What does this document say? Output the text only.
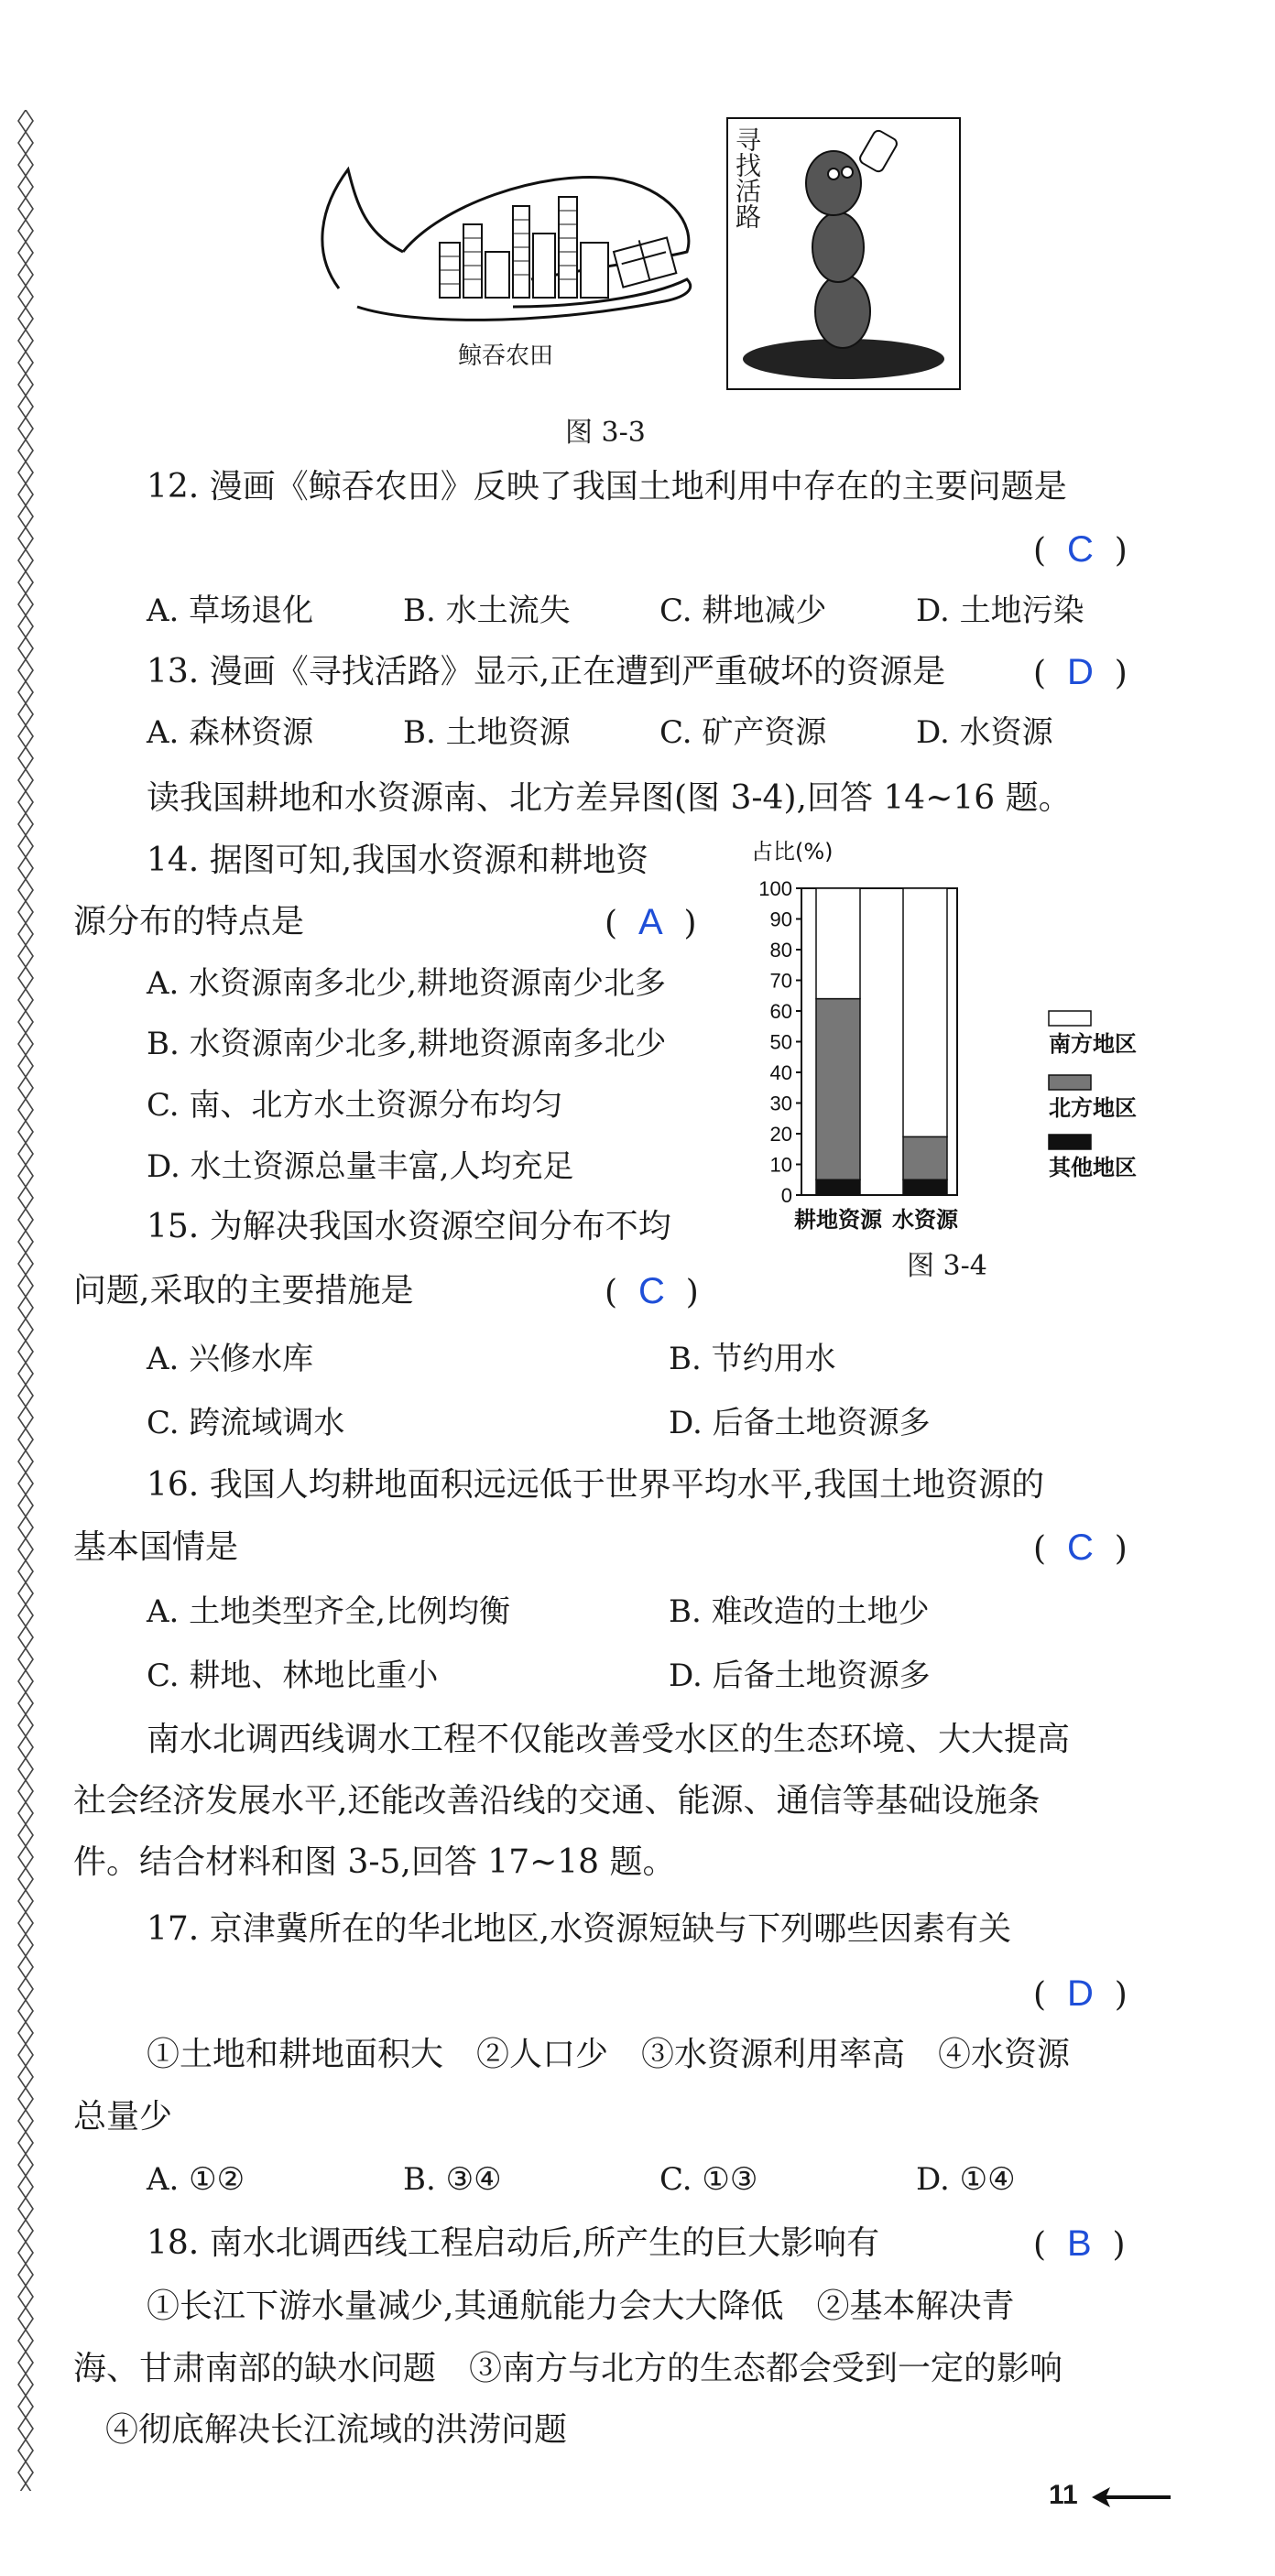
鲸吞农田
寻找活路
图 3-3
12. 漫画《鲸吞农田》反映了我国土地利用中存在的主要问题是
(  C  )
A. 草场退化	B. 水土流失	C. 耕地减少	D. 土地污染
13. 漫画《寻找活路》显示,正在遭到严重破坏的资源是	(  D  )
A. 森林资源	B. 土地资源	C. 矿产资源	D. 水资源
读我国耕地和水资源南、北方差异图(图 3-4),回答 14~16 题。
14. 据图可知,我国水资源和耕地资
源分布的特点是	(  A  )
A. 水资源南多北少,耕地资源南少北多
B. 水资源南少北多,耕地资源南多北少
C. 南、北方水土资源分布均匀
D. 水土资源总量丰富,人均充足
占比(%)
0
10
20
30
40
50
60
70
80
90
100
耕地资源 水资源
南方地区
北方地区
其他地区
图 3-4
15. 为解决我国水资源空间分布不均
问题,采取的主要措施是	(  C  )
A. 兴修水库	B. 节约用水
C. 跨流域调水	D. 后备土地资源多
16. 我国人均耕地面积远远低于世界平均水平,我国土地资源的
基本国情是	(  C  )
A. 土地类型齐全,比例均衡	B. 难改造的土地少
C. 耕地、林地比重小	D. 后备土地资源多
南水北调西线调水工程不仅能改善受水区的生态环境、大大提高
社会经济发展水平,还能改善沿线的交通、能源、通信等基础设施条
件。结合材料和图 3-5,回答 17~18 题。
17. 京津冀所在的华北地区,水资源短缺与下列哪些因素有关
(  D  )
①土地和耕地面积大　②人口少　③水资源利用率高　④水资源
总量少
A. ①②	B. ③④	C. ①③	D. ①④
18. 南水北调西线工程启动后,所产生的巨大影响有	(  B  )
①长江下游水量减少,其通航能力会大大降低　②基本解决青
海、甘肃南部的缺水问题　③南方与北方的生态都会受到一定的影响
④彻底解决长江流域的洪涝问题
11
